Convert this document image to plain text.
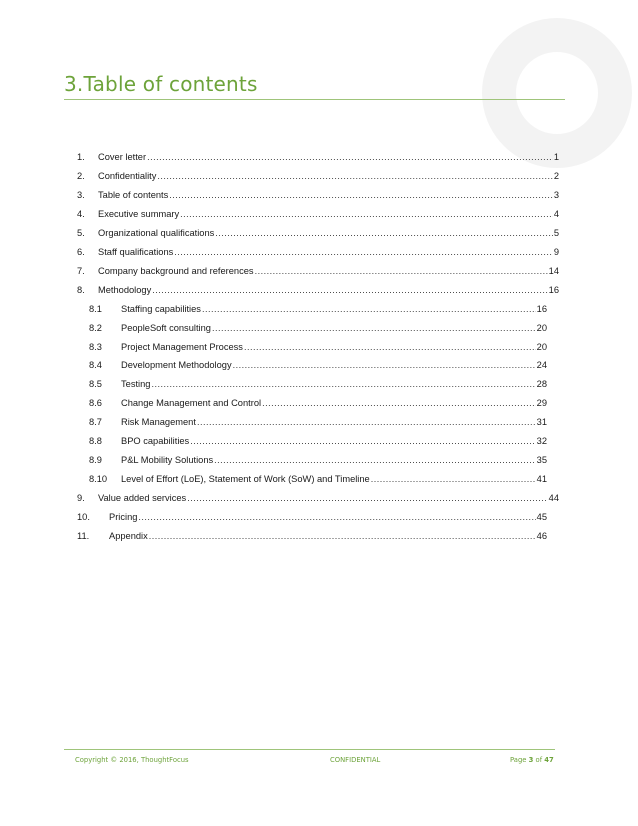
3.Table of contents
1.	Cover letter .....	1
2.	Confidentiality .....	2
3.	Table of contents .....	3
4.	Executive summary .....	4
5.	Organizational qualifications .....	5
6.	Staff qualifications .....	9
7.	Company background and references .....	14
8.	Methodology .....	16
8.1	Staffing capabilities .....	16
8.2	PeopleSoft consulting .....	20
8.3	Project Management Process .....	20
8.4	Development Methodology .....	24
8.5	Testing .....	28
8.6	Change Management and Control .....	29
8.7	Risk Management .....	31
8.8	BPO capabilities .....	32
8.9	P&L Mobility Solutions .....	35
8.10	Level of Effort (LoE), Statement of Work (SoW) and Timeline .....	41
9.	Value added services .....	44
10.	Pricing .....	45
11.	Appendix .....	46
Copyright © 2016, ThoughtFocus	CONFIDENTIAL	Page 3 of 47
